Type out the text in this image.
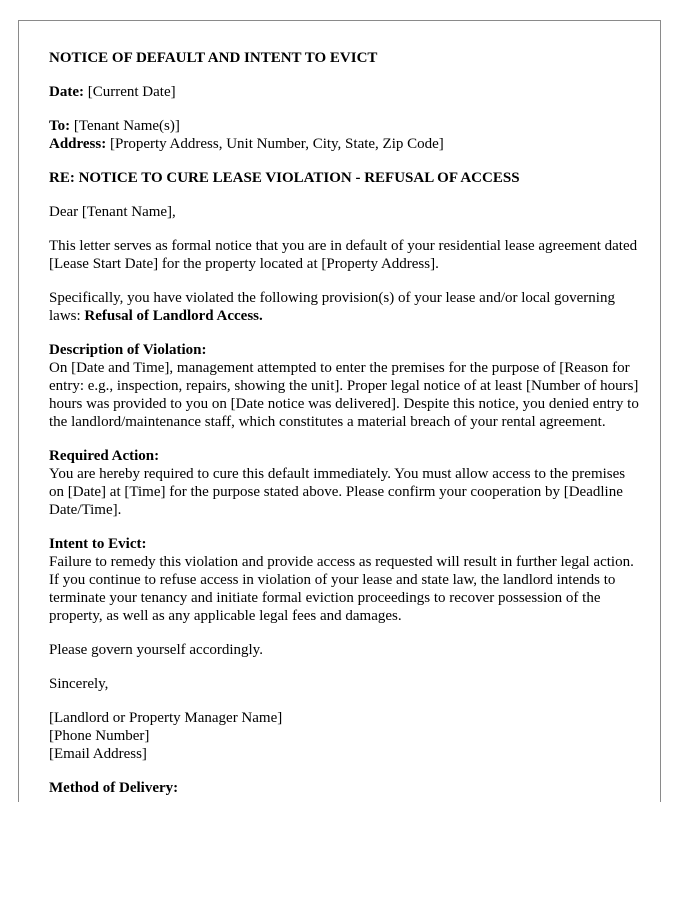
NOTICE OF DEFAULT AND INTENT TO EVICT

Date: [Current Date]

To: [Tenant Name(s)]
Address: [Property Address, Unit Number, City, State, Zip Code]

RE: NOTICE TO CURE LEASE VIOLATION - REFUSAL OF ACCESS

Dear [Tenant Name],

This letter serves as formal notice that you are in default of your residential lease agreement dated [Lease Start Date] for the property located at [Property Address].

Specifically, you have violated the following provision(s) of your lease and/or local governing laws: Refusal of Landlord Access.

Description of Violation:
On [Date and Time], management attempted to enter the premises for the purpose of [Reason for entry: e.g., inspection, repairs, showing the unit]. Proper legal notice of at least [Number of hours] hours was provided to you on [Date notice was delivered]. Despite this notice, you denied entry to the landlord/maintenance staff, which constitutes a material breach of your rental agreement.

Required Action:
You are hereby required to cure this default immediately. You must allow access to the premises on [Date] at [Time] for the purpose stated above. Please confirm your cooperation by [Deadline Date/Time].

Intent to Evict:
Failure to remedy this violation and provide access as requested will result in further legal action. If you continue to refuse access in violation of your lease and state law, the landlord intends to terminate your tenancy and initiate formal eviction proceedings to recover possession of the property, as well as any applicable legal fees and damages.

Please govern yourself accordingly.

Sincerely,

[Landlord or Property Manager Name]
[Phone Number]
[Email Address]

Method of Delivery:
